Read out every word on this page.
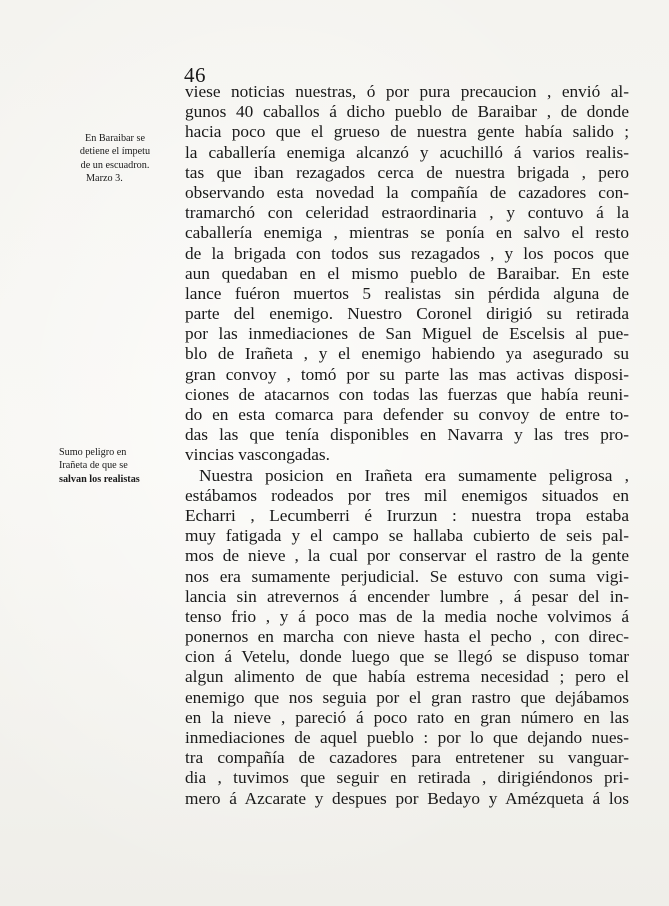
46
En Baraibar se
detiene el ímpetu
de un escuadron.
Marzo 3.
Sumo peligro en
Irañeta de que se
salvan los realistas
viese noticias nuestras, ó por pura precaucion , envió al-
gunos 40 caballos á dicho pueblo de Baraibar , de donde
hacia poco que el grueso de nuestra gente había salido ;
la caballería enemiga alcanzó y acuchilló á varios realis-
tas que iban rezagados cerca de nuestra brigada , pero
observando esta novedad la compañía de cazadores con-
tramarchó con celeridad estraordinaria , y contuvo á la
caballería enemiga , mientras se ponía en salvo el resto
de la brigada con todos sus rezagados , y los pocos que
aun quedaban en el mismo pueblo de Baraibar. En este
lance fuéron muertos 5 realistas sin pérdida alguna de
parte del enemigo. Nuestro Coronel dirigió su retirada
por las inmediaciones de San Miguel de Escelsis al pue-
blo de Irañeta , y el enemigo habiendo ya asegurado su
gran convoy , tomó por su parte las mas activas disposi-
ciones de atacarnos con todas las fuerzas que había reuni-
do en esta comarca para defender su convoy de entre to-
das las que tenía disponibles en Navarra y las tres pro-
vincias vascongadas.
Nuestra posicion en Irañeta era sumamente peligrosa ,
estábamos rodeados por tres mil enemigos situados en
Echarri , Lecumberri é Irurzun : nuestra tropa estaba
muy fatigada y el campo se hallaba cubierto de seis pal-
mos de nieve , la cual por conservar el rastro de la gente
nos era sumamente perjudicial. Se estuvo con suma vigi-
lancia sin atrevernos á encender lumbre , á pesar del in-
tenso frio , y á poco mas de la media noche volvimos á
ponernos en marcha con nieve hasta el pecho , con direc-
cion á Vetelu, donde luego que se llegó se dispuso tomar
algun alimento de que había estrema necesidad ; pero el
enemigo que nos seguia por el gran rastro que dejábamos
en la nieve , pareció á poco rato en gran número en las
inmediaciones de aquel pueblo : por lo que dejando nues-
tra compañía de cazadores para entretener su vanguar-
dia , tuvimos que seguir en retirada , dirigiéndonos pri-
mero á Azcarate y despues por Bedayo y Amézqueta á los
